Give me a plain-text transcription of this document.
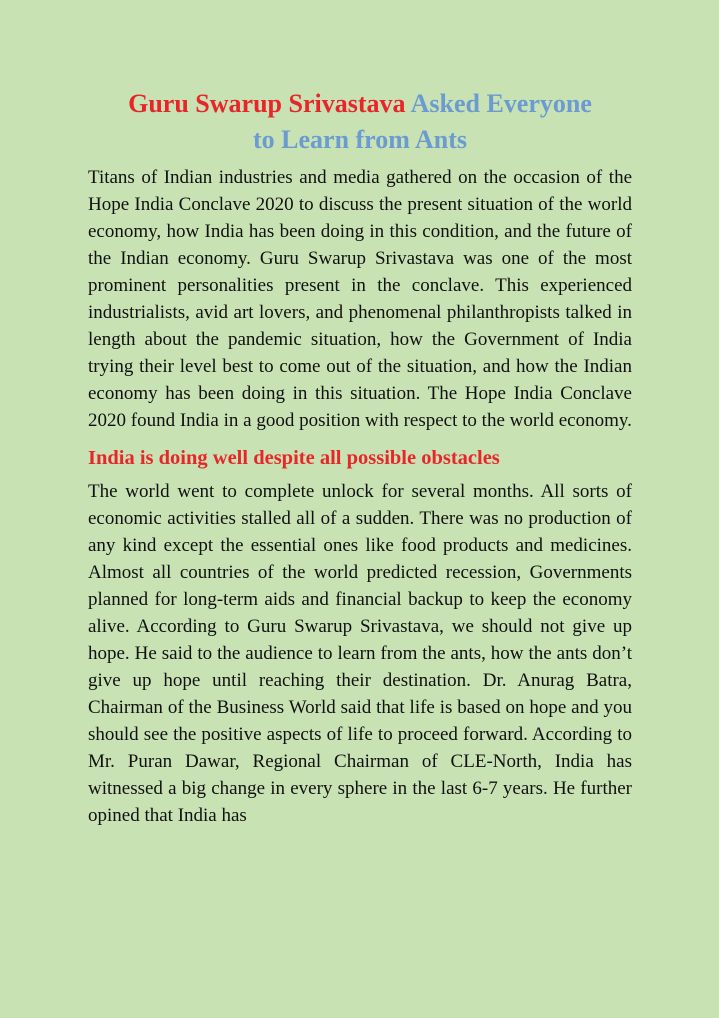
Guru Swarup Srivastava Asked Everyone
to Learn from Ants

Titans of Indian industries and media gathered on the occasion of the Hope India Conclave 2020 to discuss the present situation of the world economy, how India has been doing in this condition, and the future of the Indian economy. Guru Swarup Srivastava was one of the most prominent personalities present in the conclave. This experienced industrialists, avid art lovers, and phenomenal philanthropists talked in length about the pandemic situation, how the Government of India trying their level best to come out of the situation, and how the Indian economy has been doing in this situation. The Hope India Conclave 2020 found India in a good position with respect to the world economy.

India is doing well despite all possible obstacles

The world went to complete unlock for several months. All sorts of economic activities stalled all of a sudden. There was no production of any kind except the essential ones like food products and medicines. Almost all countries of the world predicted recession, Governments planned for long-term aids and financial backup to keep the economy alive. According to Guru Swarup Srivastava, we should not give up hope. He said to the audience to learn from the ants, how the ants don’t give up hope until reaching their destination. Dr. Anurag Batra, Chairman of the Business World said that life is based on hope and you should see the positive aspects of life to proceed forward. According to Mr. Puran Dawar, Regional Chairman of CLE-North, India has witnessed a big change in every sphere in the last 6-7 years. He further opined that India has
